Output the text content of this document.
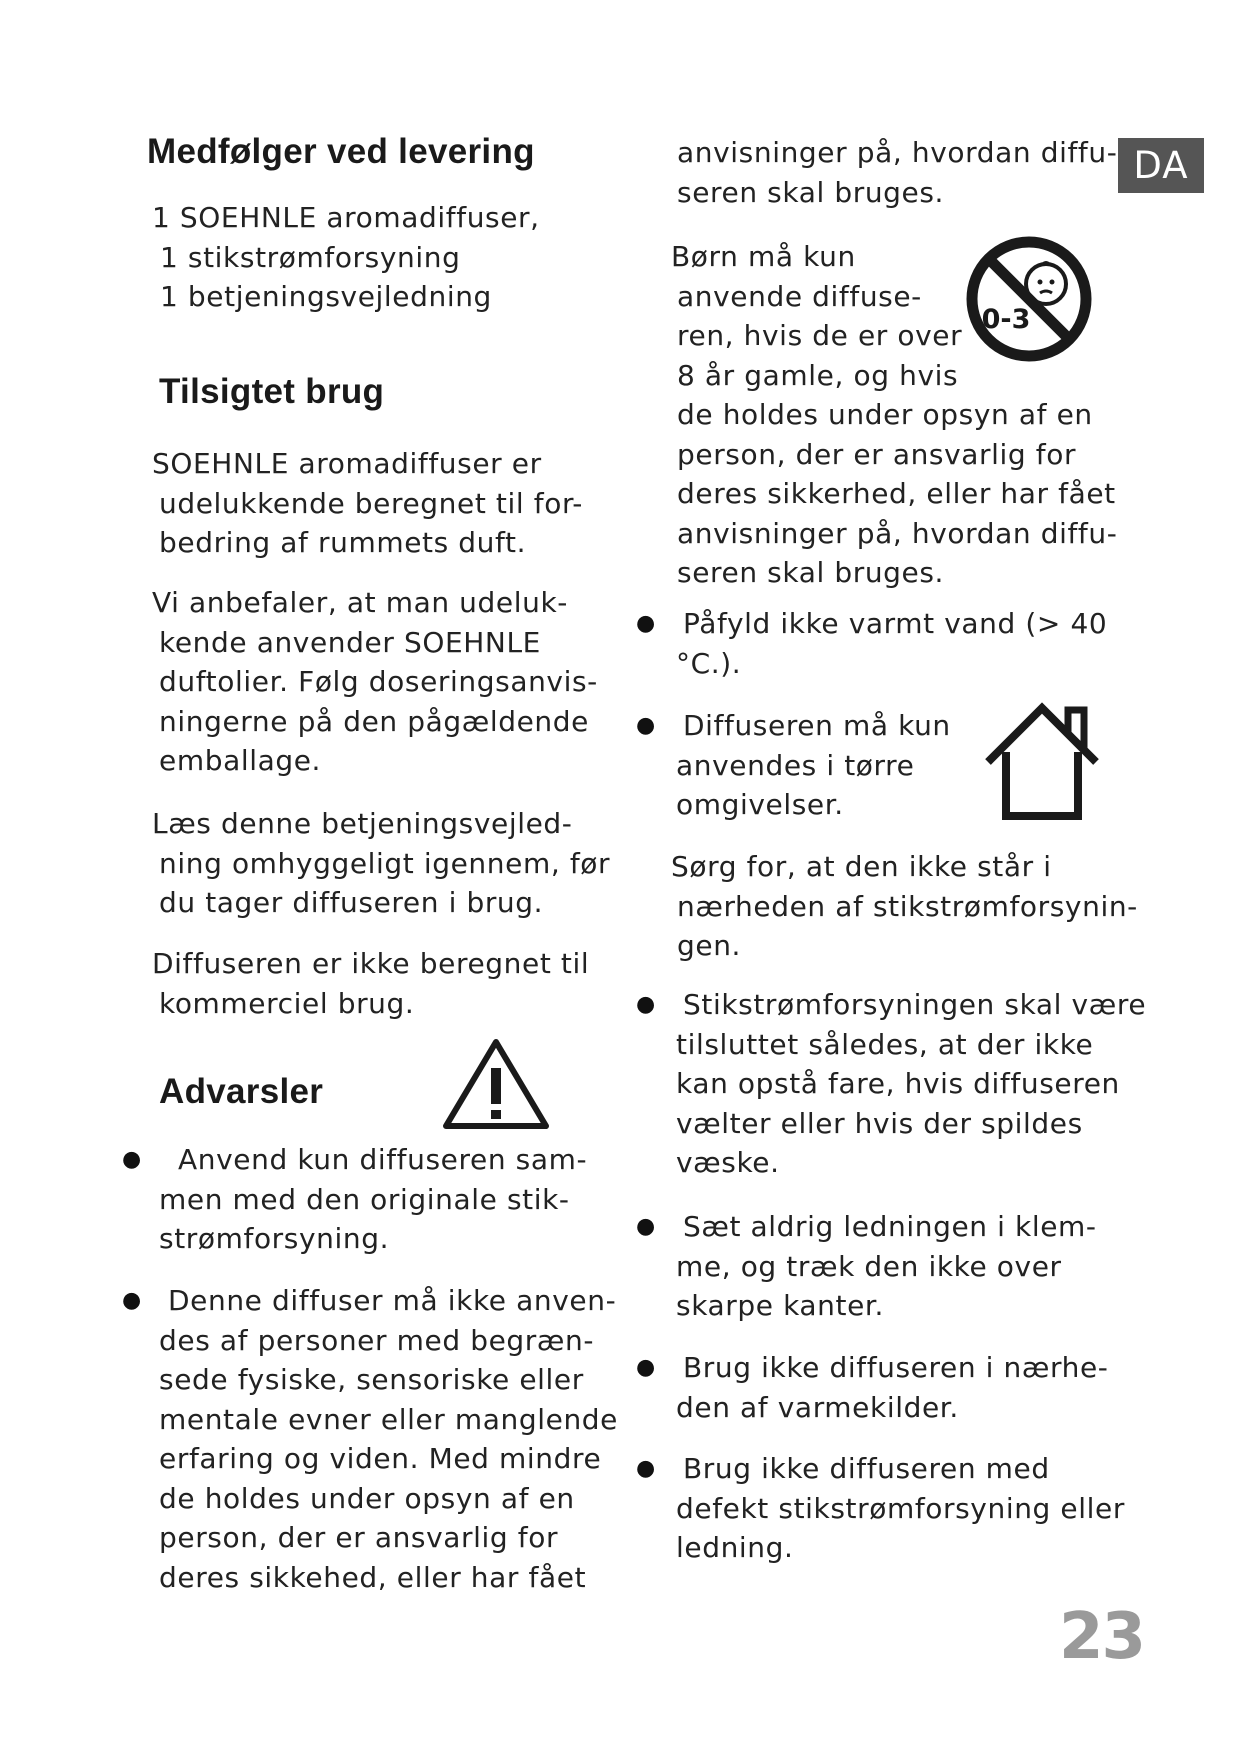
DA
Medfølger ved levering

1 SOEHNLE aromadiffuser,

1 stikstrømforsyning

1 betjeningsvejledning

Tilsigtet brug

SOEHNLE aromadiffuser er

udelukkende beregnet til for-

bedring af rummets duft.

Vi anbefaler, at man udeluk-

kende anvender SOEHNLE

duftolier. Følg doseringsanvis-

ningerne på den pågældende

emballage.

Læs denne betjeningsvejled-

ning omhyggeligt igennem, før

du tager diffuseren i brug.

Diffuseren er ikke beregnet til

kommerciel brug.

Advarsler
● Anvend kun diffuseren sam-

men med den originale stik-

strømforsyning.

● Denne diffuser må ikke anven-

des af personer med begræn-

sede fysiske, sensoriske eller

mentale evner eller manglende

erfaring og viden. Med mindre

de holdes under opsyn af en

person, der er ansvarlig for

deres sikkehed, eller har fået

anvisninger på, hvordan diffu-

seren skal bruges.

Børn må kun

anvende diffuse-

ren, hvis de er over

8 år gamle, og hvis

de holdes under opsyn af en

person, der er ansvarlig for

deres sikkerhed, eller har fået

anvisninger på, hvordan diffu-

seren skal bruges.

0-3
● Påfyld ikke varmt vand (> 40

°C.).

● Diffuseren må kun

anvendes i tørre

omgivelser.

Sørg for, at den ikke står i

nærheden af stikstrømforsynin-

gen.

● Stikstrømforsyningen skal være

tilsluttet således, at der ikke

kan opstå fare, hvis diffuseren

vælter eller hvis der spildes

væske.

● Sæt aldrig ledningen i klem-

me, og træk den ikke over

skarpe kanter.

● Brug ikke diffuseren i nærhe-

den af varmekilder.

● Brug ikke diffuseren med

defekt stikstrømforsyning eller

ledning.

23
